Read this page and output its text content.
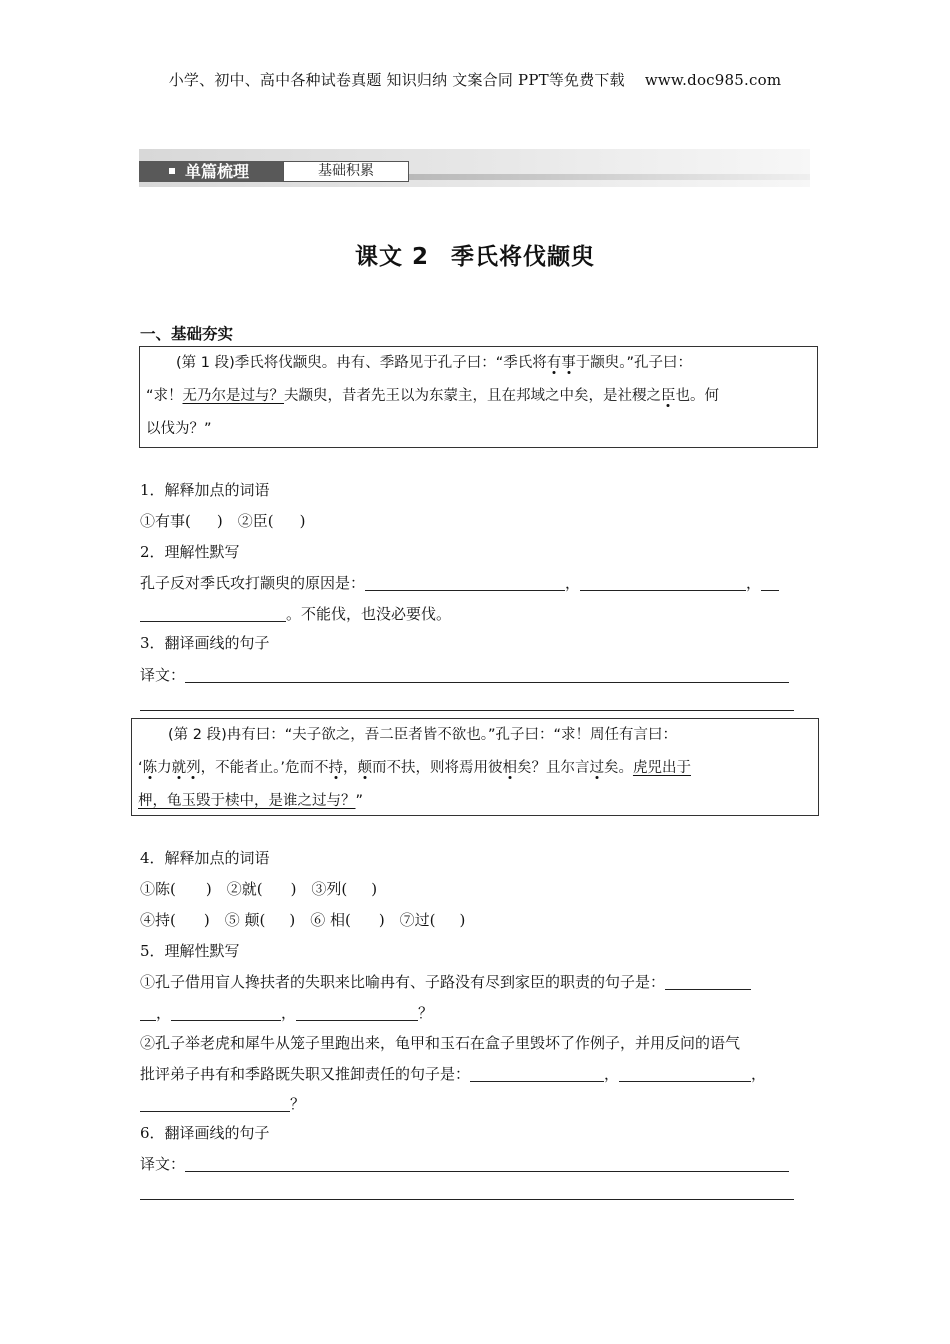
小学、初中、高中各种试卷真题 知识归纳 文案合同 PPT等免费下载 www.doc985.com
单篇梳理	基础积累
课文 2 季氏将伐颛臾
一、基础夯实
(第 1 段)季氏将伐颛臾。冉有、季路见于孔子曰：“季氏将有事于颛臾。”孔子曰：
“求！无乃尔是过与？夫颛臾，昔者先王以为东蒙主，且在邦域之中矣，是社稷之臣也。何
以伐为？”
1．解释加点的词语
①有事( )　②臣( )
2．理解性默写
孔子反对季氏攻打颛臾的原因是：	，	，
。不能伐，也没必要伐。
3．翻译画线的句子
译文：
(第 2 段)冉有曰：“夫子欲之，吾二臣者皆不欲也。”孔子曰：“求！周任有言曰：
‘陈力就列，不能者止。’危而不持，颠而不扶，则将焉用彼相矣？且尔言过矣。虎兕出于
柙，龟玉毁于椟中，是谁之过与？”
4．解释加点的词语
①陈( )　②就( )　③列( )
④持( )　⑤ 颠( )　⑥ 相( )　⑦过( )
5．理解性默写
①孔子借用盲人搀扶者的失职来比喻冉有、子路没有尽到家臣的职责的句子是：
，	，	？
②孔子举老虎和犀牛从笼子里跑出来，龟甲和玉石在盒子里毁坏了作例子，并用反问的语气
批评弟子冉有和季路既失职又推卸责任的句子是：	，	，
？
6．翻译画线的句子
译文：
